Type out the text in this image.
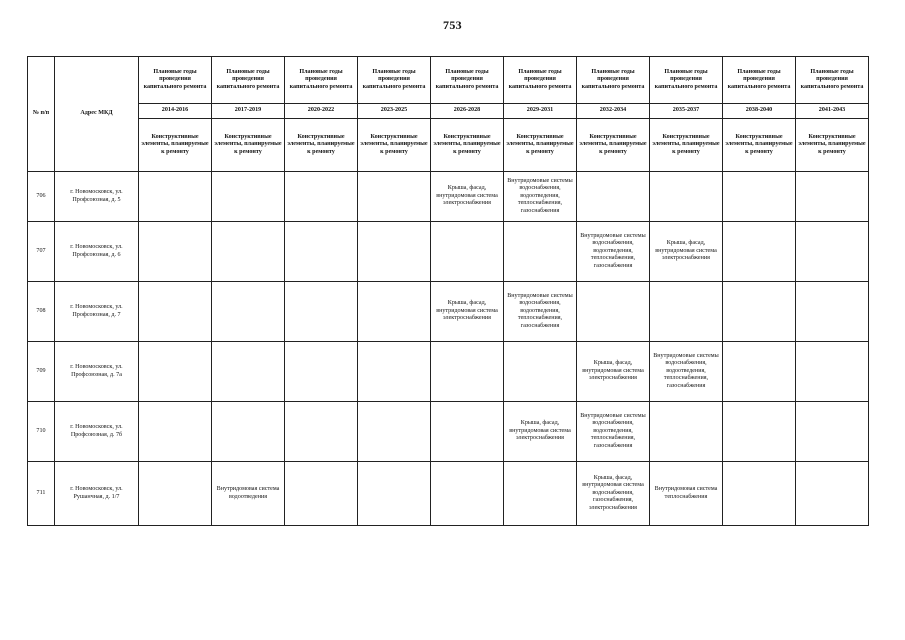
753
№ п/п	Адрес МКД	Плановые годы проведения капитального ремонта	Плановые годы проведения капитального ремонта	Плановые годы проведения капитального ремонта	Плановые годы проведения капитального ремонта	Плановые годы проведения капитального ремонта	Плановые годы проведения капитального ремонта	Плановые годы проведения капитального ремонта	Плановые годы проведения капитального ремонта	Плановые годы проведения капитального ремонта	Плановые годы проведения капитального ремонта
		2014-2016	2017-2019	2020-2022	2023-2025	2026-2028	2029-2031	2032-2034	2035-2037	2038-2040	2041-2043
		Конструктивные элементы, планируемые к ремонту	Конструктивные элементы, планируемые к ремонту	Конструктивные элементы, планируемые к ремонту	Конструктивные элементы, планируемые к ремонту	Конструктивные элементы, планируемые к ремонту	Конструктивные элементы, планируемые к ремонту	Конструктивные элементы, планируемые к ремонту	Конструктивные элементы, планируемые к ремонту	Конструктивные элементы, планируемые к ремонту	Конструктивные элементы, планируемые к ремонту
706	г. Новомосковск, ул. Профсоюзная, д. 5					Крыша, фасад, внутридомовая система электроснабжения	Внутридомовые системы водоснабжения, водоотведения, теплоснабжения, газоснабжения				
707	г. Новомосковск, ул. Профсоюзная, д. 6							Внутридомовые системы водоснабжения, водоотведения, теплоснабжения, газоснабжения	Крыша, фасад, внутридомовая система электроснабжения		
708	г. Новомосковск, ул. Профсоюзная, д. 7					Крыша, фасад, внутридомовая система электроснабжения	Внутридомовые системы водоснабжения, водоотведения, теплоснабжения, газоснабжения				
709	г. Новомосковск, ул. Профсоюзная, д. 7а							Крыша, фасад, внутридомовая система электроснабжения	Внутридомовые системы водоснабжения, водоотведения, теплоснабжения, газоснабжения		
710	г. Новомосковск, ул. Профсоюзная, д. 7б						Крыша, фасад, внутридомовая система электроснабжения	Внутридомовые системы водоснабжения, водоотведения, теплоснабжения, газоснабжения			
711	г. Новомосковск, ул. Рушанчная, д. 1/7		Внутридомовая система водоотведения					Крыша, фасад, внутридомовая система водоснабжения, газоснабжения, электроснабжения	Внутридомовая система теплоснабжения		
